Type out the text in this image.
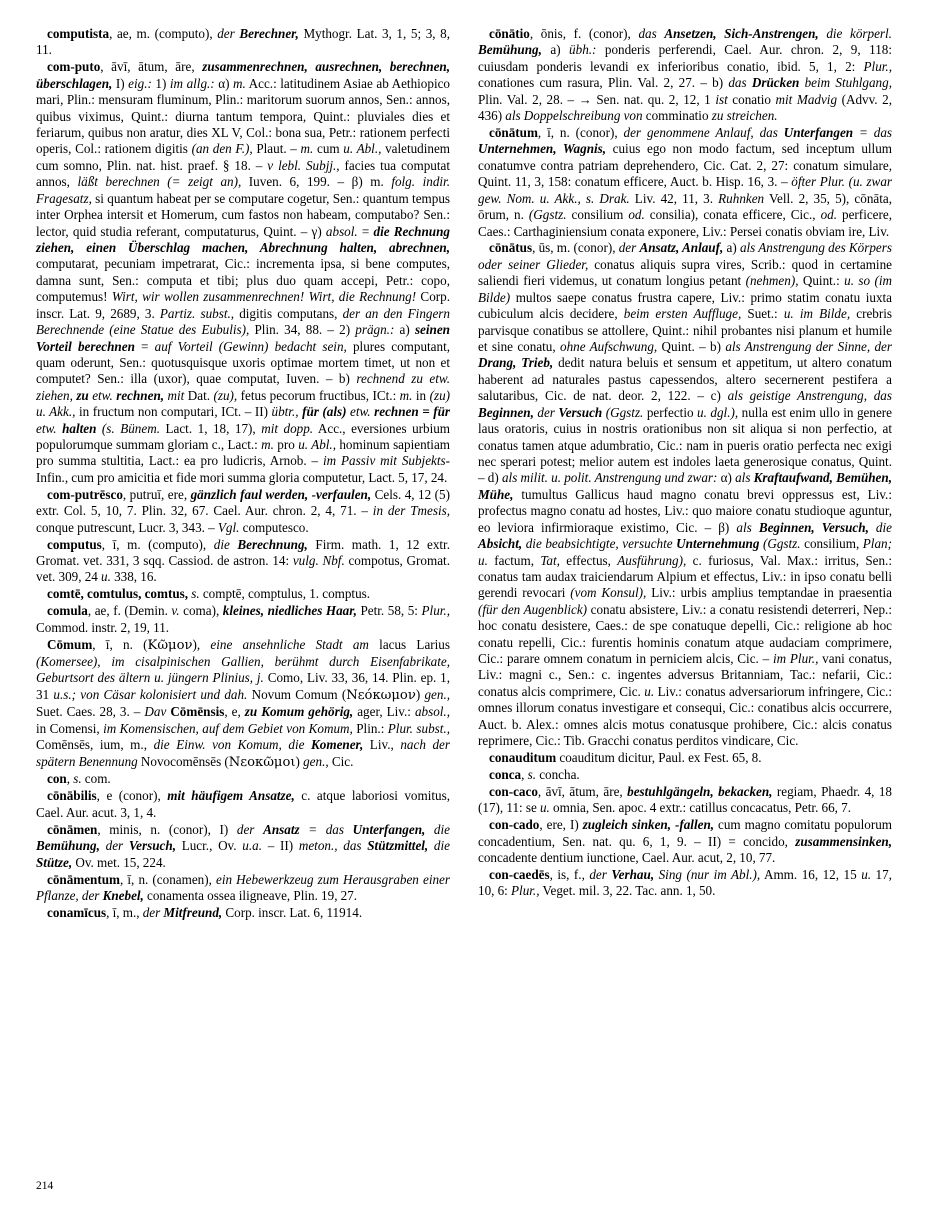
computista, ae, m. (computo), der Berechner, Mythogr. Lat. 3, 1, 5; 3, 8, 11.

com-puto, āvī, ātum, āre, zusammenrechnen, ausrechnen, berechnen, überschlagen, I) eig.: 1) im allg.: α) m. Acc.: latitudinem Asiae ab Aethiopico mari, Plin.: mensuram fluminum, Plin.: maritorum suorum annos, Sen.: annos, quibus viximus, Quint.: diurna tantum tempora, Quint.: pluviales dies et feriarum, quibus non aratur, dies XL V, Col.: bona sua, Petr.: rationem perfecti operis, Col.: rationem digitis (an den F.), Plaut. – m. cum u. Abl., valetudinem cum somno, Plin. nat. hist. praef. § 18. – v lebl. Subjj., facies tua computat annos, läßt berechnen (= zeigt an), Iuven. 6, 199. – β) m. folg. indir. Fragesatz, si quantum habeat per se computare cogetur, Sen.: quantum tempus inter Orphea intersit et Homerum, cum fastos non habeam, computabo? Sen.: lector, quid studia referant, computaturus, Quint. – γ) absol. = die Rechnung ziehen, einen Überschlag machen, Abrechnung halten, abrechnen, computarat, pecuniam impetrarat, Cic.: incrementa ipsa, si bene computes, damna sunt, Sen.: computa et tibi; plus duo quam accepi, Petr.: copo, computemus! Wirt, wir wollen zusammenrechnen! Wirt, die Rechnung! Corp. inscr. Lat. 9, 2689, 3. Partiz. subst., digitis computans, der an den Fingern Berechnende (eine Statue des Eubulis), Plin. 34, 88. – 2) prägn.: a) seinen Vorteil berechnen = auf Vorteil (Gewinn) bedacht sein, plures computant, quam oderunt, Sen.: quotusquisque uxoris optimae mortem timet, ut non et computet? Sen.: illa (uxor), quae computat, Iuven. – b) rechnend zu etw. ziehen, zu etw. rechnen, mit Dat. (zu), fetus pecorum fructibus, ICt.: m. in (zu) u. Akk., in fructum non computari, ICt. – II) übtr., für (als) etw. rechnen = für etw. halten (s. Bünem. Lact. 1, 18, 17), mit dopp. Acc., eversiones urbium populorumque summam gloriam c., Lact.: m. pro u. Abl., hominum sapientiam pro summa stultitia, Lact.: ea pro ludicris, Arnob. – im Passiv mit Subjekts- Infin., cum pro amicitia et fide mori summa gloria computetur, Lact. 5, 17, 24.

com-putrēsco, putruī, ere, gänzlich faul werden, -verfaulen, Cels. 4, 12 (5) extr. Col. 5, 10, 7. Plin. 32, 67. Cael. Aur. chron. 2, 4, 71. – in der Tmesis, conque putrescunt, Lucr. 3, 343. – Vgl. computesco.

computus, ī, m. (computo), die Berechnung, Firm. math. 1, 12 extr. Gromat. vet. 331, 3 sqq. Cassiod. de astron. 14: vulg. Nbf. compotus, Gromat. vet. 309, 24 u. 338, 16.

comtē, comtulus, comtus, s. comptē, comptulus, 1. comptus.

comula, ae, f. (Demin. v. coma), kleines, niedliches Haar, Petr. 58, 5: Plur., Commod. instr. 2, 19, 11.

Cōmum, ī, n. (Κῶμον), eine ansehnliche Stadt am lacus Larius (Komersee), im cisalpinischen Gallien, berühmt durch Eisenfabrikate, Geburtsort des ältern u. jüngern Plinius, j. Como, Liv. 33, 36, 14. Plin. ep. 1, 31 u.s.; von Cäsar kolonisiert und dah. Novum Comum (Νεόκωμον) gen., Suet. Caes. 28, 3. – Dav Cōmēnsis, e, zu Komum gehörig, ager, Liv.: absol., in Comensi, im Komensischen, auf dem Gebiet von Komum, Plin.: Plur. subst., Comēnsēs, ium, m., die Einw. von Komum, die Komener, Liv., nach der spätern Benennung Novocomēnsēs (Νεοκῶμοι) gen., Cic.

con, s. com.

cōnābilis, e (conor), mit häufigem Ansatze, c. atque laboriosi vomitus, Cael. Aur. acut. 3, 1, 4.

cōnāmen, minis, n. (conor), I) der Ansatz = das Unterfangen, die Bemühung, der Versuch, Lucr., Ov. u.a. – II) meton., das Stützmittel, die Stütze, Ov. met. 15, 224.

cōnāmentum, ī, n. (conamen), ein Hebewerkzeug zum Herausgraben einer Pflanze, der Knebel, conamenta ossea iligneave, Plin. 19, 27.

conamīcus, ī, m., der Mitfreund, Corp. inscr. Lat. 6, 11914.

cōnātio, ōnis, f. (conor), das Ansetzen, Sich-Anstrengen, die körperl. Bemühung, a) übh.: ponderis perferendi, Cael. Aur. chron. 2, 9, 118: cuiusdam ponderis levandi ex inferioribus conatio, ibid. 5, 1, 2: Plur., conationes cum rasura, Plin. Val. 2, 27. – b) das Drücken beim Stuhlgang, Plin. Val. 2, 28. – → Sen. nat. qu. 2, 12, 1 ist conatio mit Madvig (Advv. 2, 436) als Doppelschreibung von comminatio zu streichen.

cōnātum, ī, n. (conor), der genommene Anlauf, das Unterfangen = das Unternehmen, Wagnis, cuius ego non modo factum, sed inceptum ullum conatumve contra patriam deprehendero, Cic. Cat. 2, 27: conatum simulare, Quint. 11, 3, 158: conatum efficere, Auct. b. Hisp. 16, 3. – öfter Plur. (u. zwar gew. Nom. u. Akk., s. Drak. Liv. 42, 11, 3. Ruhnken Vell. 2, 35, 5), cōnāta, ōrum, n. (Ggstz. consilium od. consilia), conata efficere, Cic., od. perficere, Caes.: Carthaginiensium conata exponere, Liv.: Persei conatis obviam ire, Liv.

cōnātus, ūs, m. (conor), der Ansatz, Anlauf, a) als Anstrengung des Körpers oder seiner Glieder, conatus aliquis supra vires, Scrib.: quod in certamine saliendi fieri videmus, ut conatum longius petant (nehmen), Quint.: u. so (im Bilde) multos saepe conatus frustra capere, Liv.: primo statim conatu iuxta cubiculum alcis decidere, beim ersten Auffluge, Suet.: u. im Bilde, crebris parvisque conatibus se attollere, Quint.: nihil probantes nisi planum et humile et sine conatu, ohne Aufschwung, Quint. – b) als Anstrengung der Sinne, der Drang, Trieb, dedit natura beluis et sensum et appetitum, ut altero conatum haberent ad naturales pastus capessendos, altero secernerent pestifera a salutaribus, Cic. de nat. deor. 2, 122. – c) als geistige Anstrengung, das Beginnen, der Versuch (Ggstz. perfectio u. dgl.), nulla est enim ullo in genere laus oratoris, cuius in nostris orationibus non sit aliqua si non perfectio, at conatus tamen atque adumbratio, Cic.: nam in pueris oratio perfecta nec exigi nec sperari potest; melior autem est indoles laeta generosique conatus, Quint. – d) als milit. u. polit. Anstrengung und zwar: α) als Kraftaufwand, Bemühen, Mühe, tumultus Gallicus haud magno conatu brevi oppressus est, Liv.: profectus magno conatu ad hostes, Liv.: quo maiore conatu studioque aguntur, eo leviora infirmioraque existimo, Cic. – β) als Beginnen, Versuch, die Absicht, die beabsichtigte, versuchte Unternehmung (Ggstz. consilium, Plan; u. factum, Tat, effectus, Ausführung), c. furiosus, Val. Max.: irritus, Sen.: conatus tam audax traiciendarum Alpium et effectus, Liv.: in ipso conatu belli gerendi revocari (vom Konsul), Liv.: urbis amplius temptandae in praesentia (für den Augenblick) conatu absistere, Liv.: a conatu resistendi deterreri, Nep.: hoc conatu desistere, Caes.: de spe conatuque depelli, Cic.: religione ab hoc conatu repelli, Cic.: furentis hominis conatum atque audaciam comprimere, Cic.: parare omnem conatum in perniciem alcis, Cic. – im Plur., vani conatus, Liv.: magni c., Sen.: c. ingentes adversus Britanniam, Tac.: nefarii, Cic.: conatus alcis comprimere, Cic. u. Liv.: conatus adversariorum infringere, Cic.: omnes illorum conatus investigare et consequi, Cic.: conatibus alcis occurrere, Auct. b. Alex.: omnes alcis motus conatusque prohibere, Cic.: alcis conatus reprimere, Cic.: Tib. Gracchi conatus perditos vindicare, Cic.

conauditum coauditum dicitur, Paul. ex Fest. 65, 8.

conca, s. concha.

con-caco, āvī, ātum, āre, bestuhlgängeln, bekacken, regiam, Phaedr. 4, 18 (17), 11: se u. omnia, Sen. apoc. 4 extr.: catillus concacatus, Petr. 66, 7.

con-cado, ere, I) zugleich sinken, -fallen, cum magno comitatu populorum concadentium, Sen. nat. qu. 6, 1, 9. – II) = concido, zusammensinken, concadente dentium iunctione, Cael. Aur. acut, 2, 10, 77.

con-caedēs, is, f., der Verhau, Sing (nur im Abl.), Amm. 16, 12, 15 u. 17, 10, 6: Plur., Veget. mil. 3, 22. Tac. ann. 1, 50.

214
